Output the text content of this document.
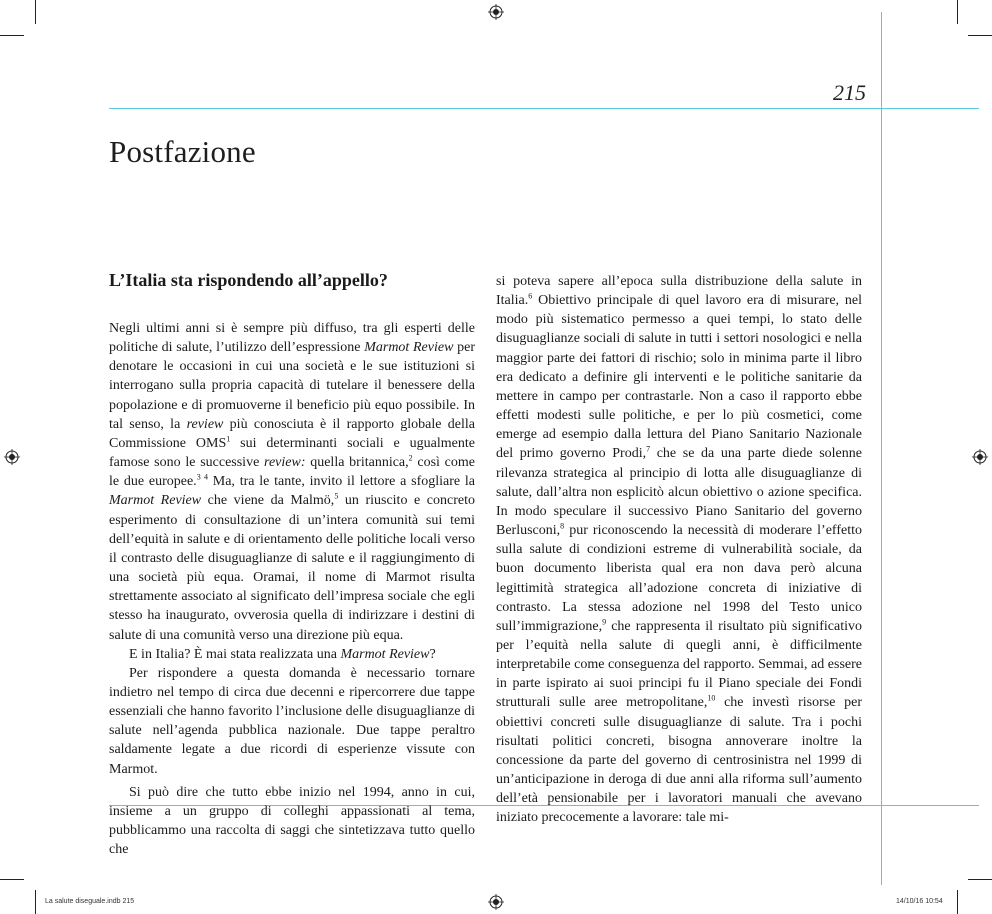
215
Postfazione
L’Italia sta rispondendo all’appello?

Negli ultimi anni si è sempre più diffuso, tra gli esperti delle politiche di salute, l’utilizzo dell’espressione Marmot Review per denotare le occasioni in cui una società e le sue istituzioni si interrogano sulla propria capacità di tutelare il benessere della popolazione e di promuoverne il beneficio più equo possibile. In tal senso, la review più conosciuta è il rapporto globale della Commissione OMS$^1$ sui determinanti sociali e ugualmente famose sono le successive review: quella britannica,$^2$ così come le due europee.$^{3 4}$ Ma, tra le tante, invito il lettore a sfogliare la Marmot Review che viene da Malmö,$^5$ un riuscito e concreto esperimento di consultazione di un’intera comunità sui temi dell’equità in salute e di orientamento delle politiche locali verso il contrasto delle disuguaglianze di salute e il raggiungimento di una società più equa. Oramai, il nome di Marmot risulta strettamente associato al significato dell’impresa sociale che egli stesso ha inaugurato, ovverosia quella di indirizzare i destini di salute di una comunità verso una direzione più equa.

E in Italia? È mai stata realizzata una Marmot Review?

Per rispondere a questa domanda è necessario tornare indietro nel tempo di circa due decenni e ripercorrere due tappe essenziali che hanno favorito l’inclusione delle disuguaglianze di salute nell’agenda pubblica nazionale. Due tappe peraltro saldamente legate a due ricordi di esperienze vissute con Marmot.

Si può dire che tutto ebbe inizio nel 1994, anno in cui, insieme a un gruppo di colleghi appassionati al tema, pubblicammo una raccolta di saggi che sintetizzava tutto quello che

si poteva sapere all’epoca sulla distribuzione della salute in Italia.$^6$ Obiettivo principale di quel lavoro era di misurare, nel modo più sistematico permesso a quei tempi, lo stato delle disuguaglianze sociali di salute in tutti i settori nosologici e nella maggior parte dei fattori di rischio; solo in minima parte il libro era dedicato a definire gli interventi e le politiche sanitarie da mettere in campo per contrastarle. Non a caso il rapporto ebbe effetti modesti sulle politiche, e per lo più cosmetici, come emerge ad esempio dalla lettura del Piano Sanitario Nazionale del primo governo Prodi,$^7$ che se da una parte diede solenne rilevanza strategica al principio di lotta alle disuguaglianze di salute, dall’altra non esplicitò alcun obiettivo o azione specifica. In modo speculare il successivo Piano Sanitario del governo Berlusconi,$^8$ pur riconoscendo la necessità di moderare l’effetto sulla salute di condizioni estreme di vulnerabilità sociale, da buon documento liberista qual era non dava però alcuna legittimità strategica all’adozione concreta di iniziative di contrasto. La stessa adozione nel 1998 del Testo unico sull’immigrazione,$^9$ che rappresenta il risultato più significativo per l’equità nella salute di quegli anni, è difficilmente interpretabile come conseguenza del rapporto. Semmai, ad essere in parte ispirato ai suoi principi fu il Piano speciale dei Fondi strutturali sulle aree metropolitane,$^{10}$ che investì risorse per obiettivi concreti sulle disuguaglianze di salute. Tra i pochi risultati politici concreti, bisogna annoverare inoltre la concessione da parte del governo di centrosinistra nel 1999 di un’anticipazione in deroga di due anni alla riforma sull’aumento dell’età pensionabile per i lavoratori manuali che avevano iniziato precocemente a lavorare: tale mi-

La salute diseguale.indb 215	14/10/16 10:54
